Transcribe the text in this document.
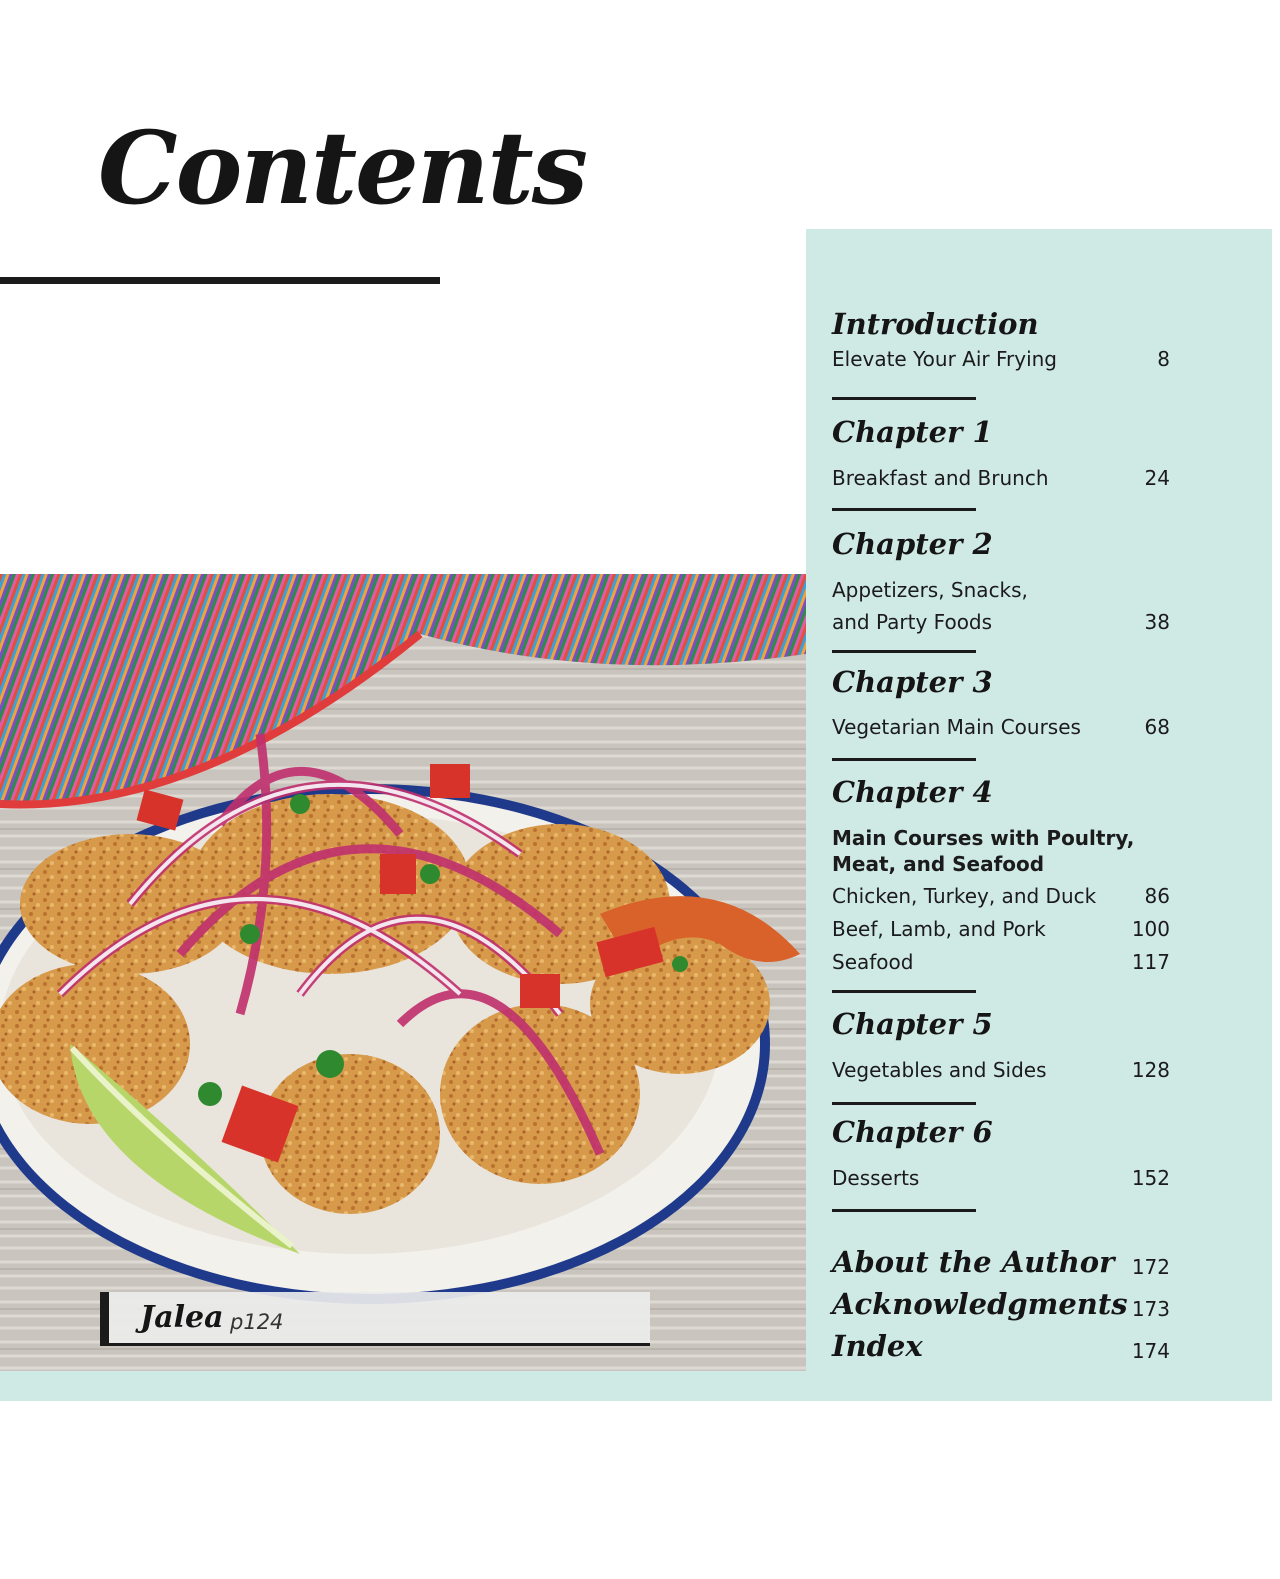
Contents
Jalea p124
Introduction
Elevate Your Air Frying	8
Chapter 1
Breakfast and Brunch	24
Chapter 2
Appetizers, Snacks,
and Party Foods	38
Chapter 3
Vegetarian Main Courses	68
Chapter 4
Main Courses with Poultry,
Meat, and Seafood
Chicken, Turkey, and Duck 86
Beef, Lamb, and Pork	100
Seafood	117
Chapter 5
Vegetables and Sides	128
Chapter 6
Desserts	152
About the Author 172
Acknowledgments 173
Index	174
